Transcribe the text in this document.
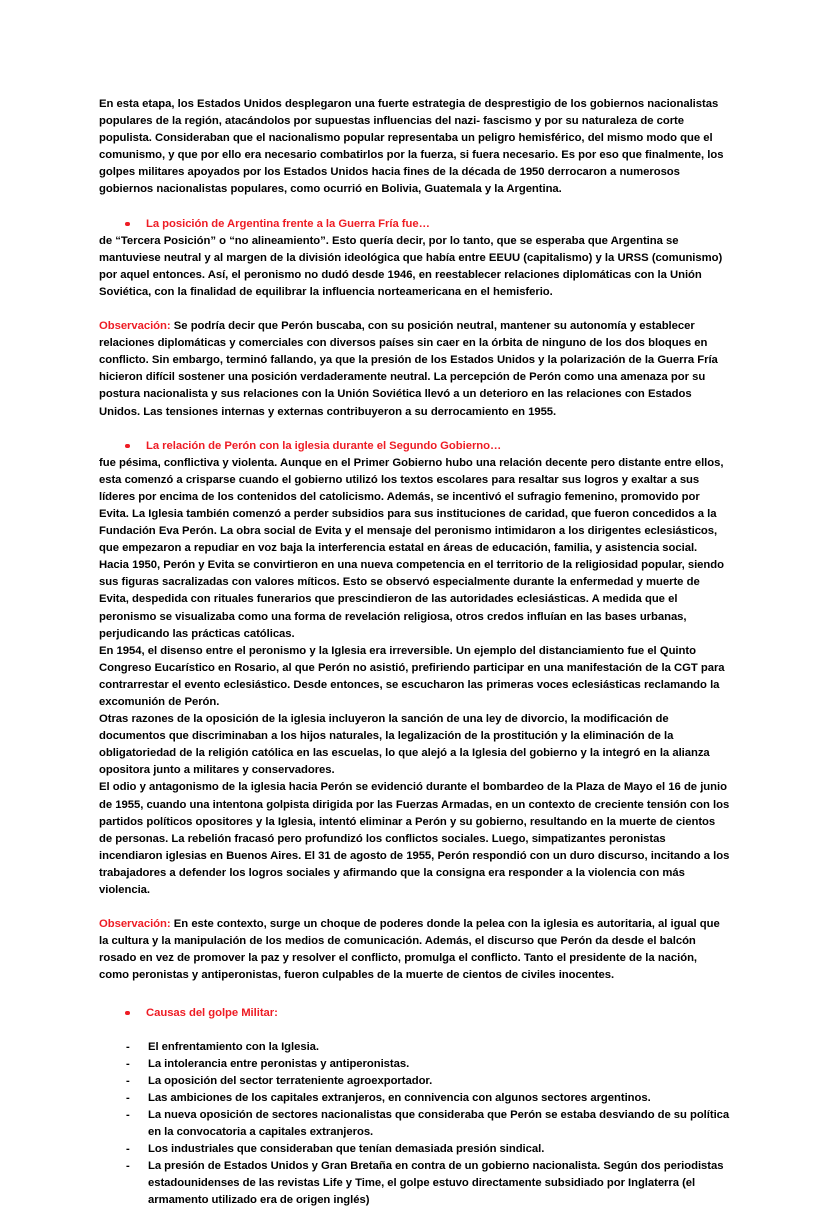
En esta etapa, los Estados Unidos desplegaron una fuerte estrategia de desprestigio de los gobiernos nacionalistas populares de la región, atacándolos por supuestas influencias del nazi- fascismo y por su naturaleza de corte populista. Consideraban que el nacionalismo popular representaba un peligro hemisférico, del mismo modo que el comunismo, y que por ello era necesario combatirlos por la fuerza, si fuera necesario. Es por eso que finalmente, los golpes militares apoyados por los Estados Unidos hacia fines de la década de 1950 derrocaron a numerosos gobiernos nacionalistas populares, como ocurrió en Bolivia, Guatemala y la Argentina.

La posición de Argentina frente a la Guerra Fría fue…

de “Tercera Posición” o “no alineamiento”. Esto quería decir, por lo tanto, que se esperaba que Argentina se mantuviese neutral y al margen de la división ideológica que había entre EEUU (capitalismo) y la URSS (comunismo) por aquel entonces. Así, el peronismo no dudó desde 1946, en reestablecer relaciones diplomáticas con la Unión Soviética, con la finalidad de equilibrar la influencia norteamericana en el hemisferio.

Observación: Se podría decir que Perón buscaba, con su posición neutral, mantener su autonomía y establecer relaciones diplomáticas y comerciales con diversos países sin caer en la órbita de ninguno de los dos bloques en conflicto. Sin embargo, terminó fallando, ya que la presión de los Estados Unidos y la polarización de la Guerra Fría hicieron difícil sostener una posición verdaderamente neutral. La percepción de Perón como una amenaza por su postura nacionalista y sus relaciones con la Unión Soviética llevó a un deterioro en las relaciones con Estados Unidos. Las tensiones internas y externas contribuyeron a su derrocamiento en 1955.

La relación de Perón con la iglesia durante el Segundo Gobierno…

fue pésima, conflictiva y violenta. Aunque en el Primer Gobierno hubo una relación decente pero distante entre ellos, esta comenzó a crisparse cuando el gobierno utilizó los textos escolares para resaltar sus logros y exaltar a sus líderes por encima de los contenidos del catolicismo. Además, se incentivó el sufragio femenino, promovido por Evita. La Iglesia también comenzó a perder subsidios para sus instituciones de caridad, que fueron concedidos a la Fundación Eva Perón. La obra social de Evita y el mensaje del peronismo intimidaron a los dirigentes eclesiásticos, que empezaron a repudiar en voz baja la interferencia estatal en áreas de educación, familia, y asistencia social.

Hacia 1950, Perón y Evita se convirtieron en una nueva competencia en el territorio de la religiosidad popular, siendo sus figuras sacralizadas con valores míticos. Esto se observó especialmente durante la enfermedad y muerte de Evita, despedida con rituales funerarios que prescindieron de las autoridades eclesiásticas. A medida que el peronismo se visualizaba como una forma de revelación religiosa, otros credos influían en las bases urbanas, perjudicando las prácticas católicas.

En 1954, el disenso entre el peronismo y la Iglesia era irreversible. Un ejemplo del distanciamiento fue el Quinto Congreso Eucarístico en Rosario, al que Perón no asistió, prefiriendo participar en una manifestación de la CGT para contrarrestar el evento eclesiástico. Desde entonces, se escucharon las primeras voces eclesiásticas reclamando la excomunión de Perón.

Otras razones de la oposición de la iglesia incluyeron la sanción de una ley de divorcio, la modificación de documentos que discriminaban a los hijos naturales, la legalización de la prostitución y la eliminación de la obligatoriedad de la religión católica en las escuelas, lo que alejó a la Iglesia del gobierno y la integró en la alianza opositora junto a militares y conservadores.

El odio y antagonismo de la iglesia hacia Perón se evidenció durante el bombardeo de la Plaza de Mayo el 16 de junio de 1955, cuando una intentona golpista dirigida por las Fuerzas Armadas, en un contexto de creciente tensión con los partidos políticos opositores y la Iglesia, intentó eliminar a Perón y su gobierno, resultando en la muerte de cientos de personas. La rebelión fracasó pero profundizó los conflictos sociales. Luego, simpatizantes peronistas incendiaron iglesias en Buenos Aires. El 31 de agosto de 1955, Perón respondió con un duro discurso, incitando a los trabajadores a defender los logros sociales y afirmando que la consigna era responder a la violencia con más violencia.

Observación: En este contexto, surge un choque de poderes donde la pelea con la iglesia es autoritaria, al igual que la cultura y la manipulación de los medios de comunicación. Además, el discurso que Perón da desde el balcón rosado en vez de promover la paz y resolver el conflicto, promulga el conflicto. Tanto el presidente de la nación, como peronistas y antiperonistas, fueron culpables de la muerte de cientos de civiles inocentes.

Causas del golpe Militar:
-	El enfrentamiento con la Iglesia.
-	La intolerancia entre peronistas y antiperonistas.
-	La oposición del sector terrateniente agroexportador.
-	Las ambiciones de los capitales extranjeros, en connivencia con algunos sectores argentinos.
-	La nueva oposición de sectores nacionalistas que consideraba que Perón se estaba desviando de su política en la convocatoria a capitales extranjeros.
-	Los industriales que consideraban que tenían demasiada presión sindical.
-	La presión de Estados Unidos y Gran Bretaña en contra de un gobierno nacionalista. Según dos periodistas estadounidenses de las revistas Life y Time, el golpe estuvo directamente subsidiado por Inglaterra (el armamento utilizado era de origen inglés)
